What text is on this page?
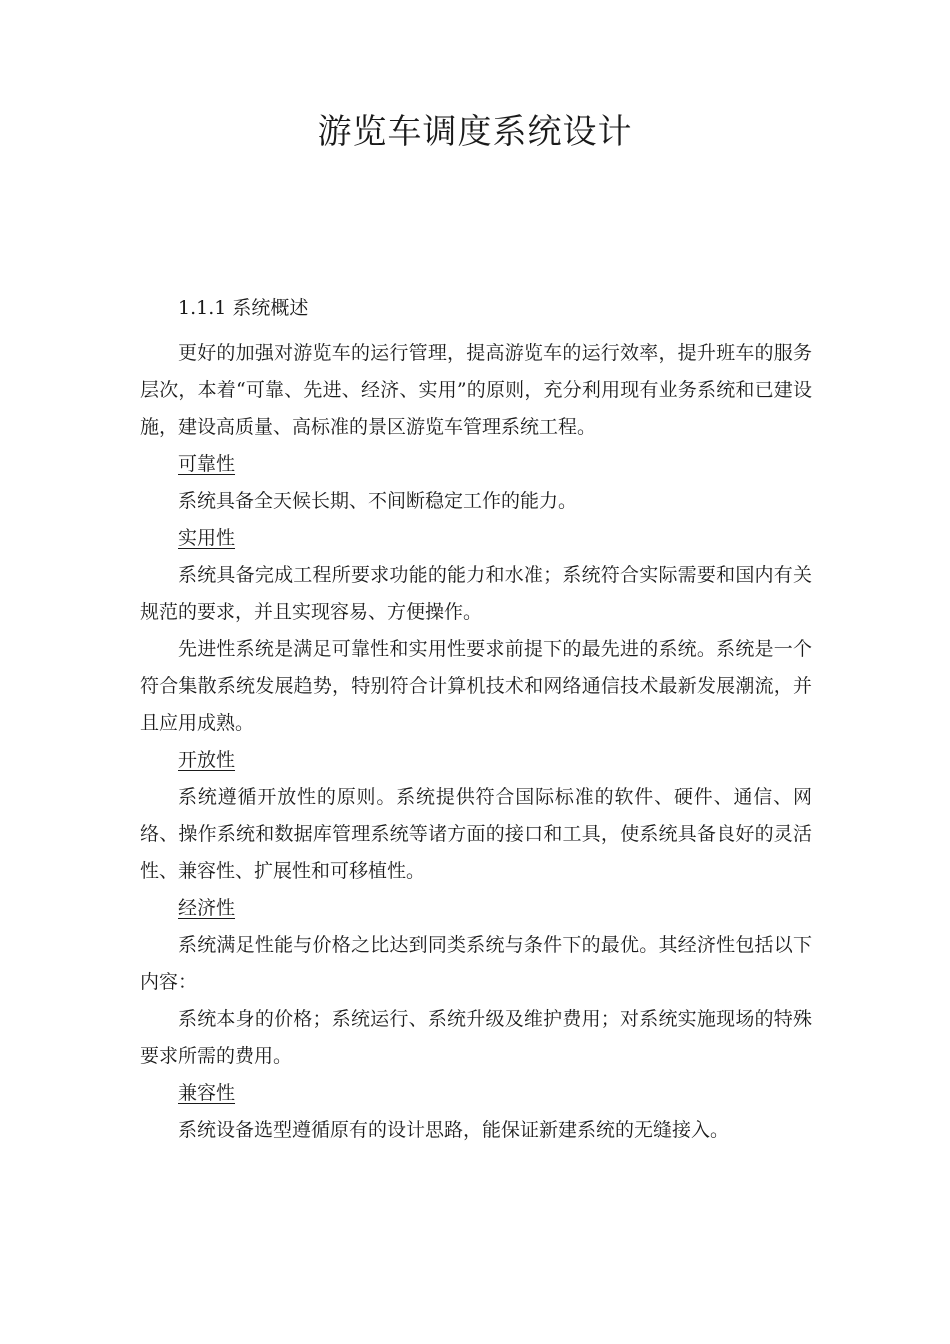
游览车调度系统设计

1.1.1 系统概述

更好的加强对游览车的运行管理，提高游览车的运行效率，提升班车的服务层次，本着“可靠、先进、经济、实用”的原则，充分利用现有业务系统和已建设施，建设高质量、高标准的景区游览车管理系统工程。

可靠性

系统具备全天候长期、不间断稳定工作的能力。

实用性

系统具备完成工程所要求功能的能力和水准；系统符合实际需要和国内有关规范的要求，并且实现容易、方便操作。

先进性系统是满足可靠性和实用性要求前提下的最先进的系统。系统是一个符合集散系统发展趋势，特别符合计算机技术和网络通信技术最新发展潮流，并且应用成熟。

开放性

系统遵循开放性的原则。系统提供符合国际标准的软件、硬件、通信、网络、操作系统和数据库管理系统等诸方面的接口和工具，使系统具备良好的灵活性、兼容性、扩展性和可移植性。

经济性

系统满足性能与价格之比达到同类系统与条件下的最优。其经济性包括以下内容：

系统本身的价格；系统运行、系统升级及维护费用；对系统实施现场的特殊要求所需的费用。

兼容性

系统设备选型遵循原有的设计思路，能保证新建系统的无缝接入。
